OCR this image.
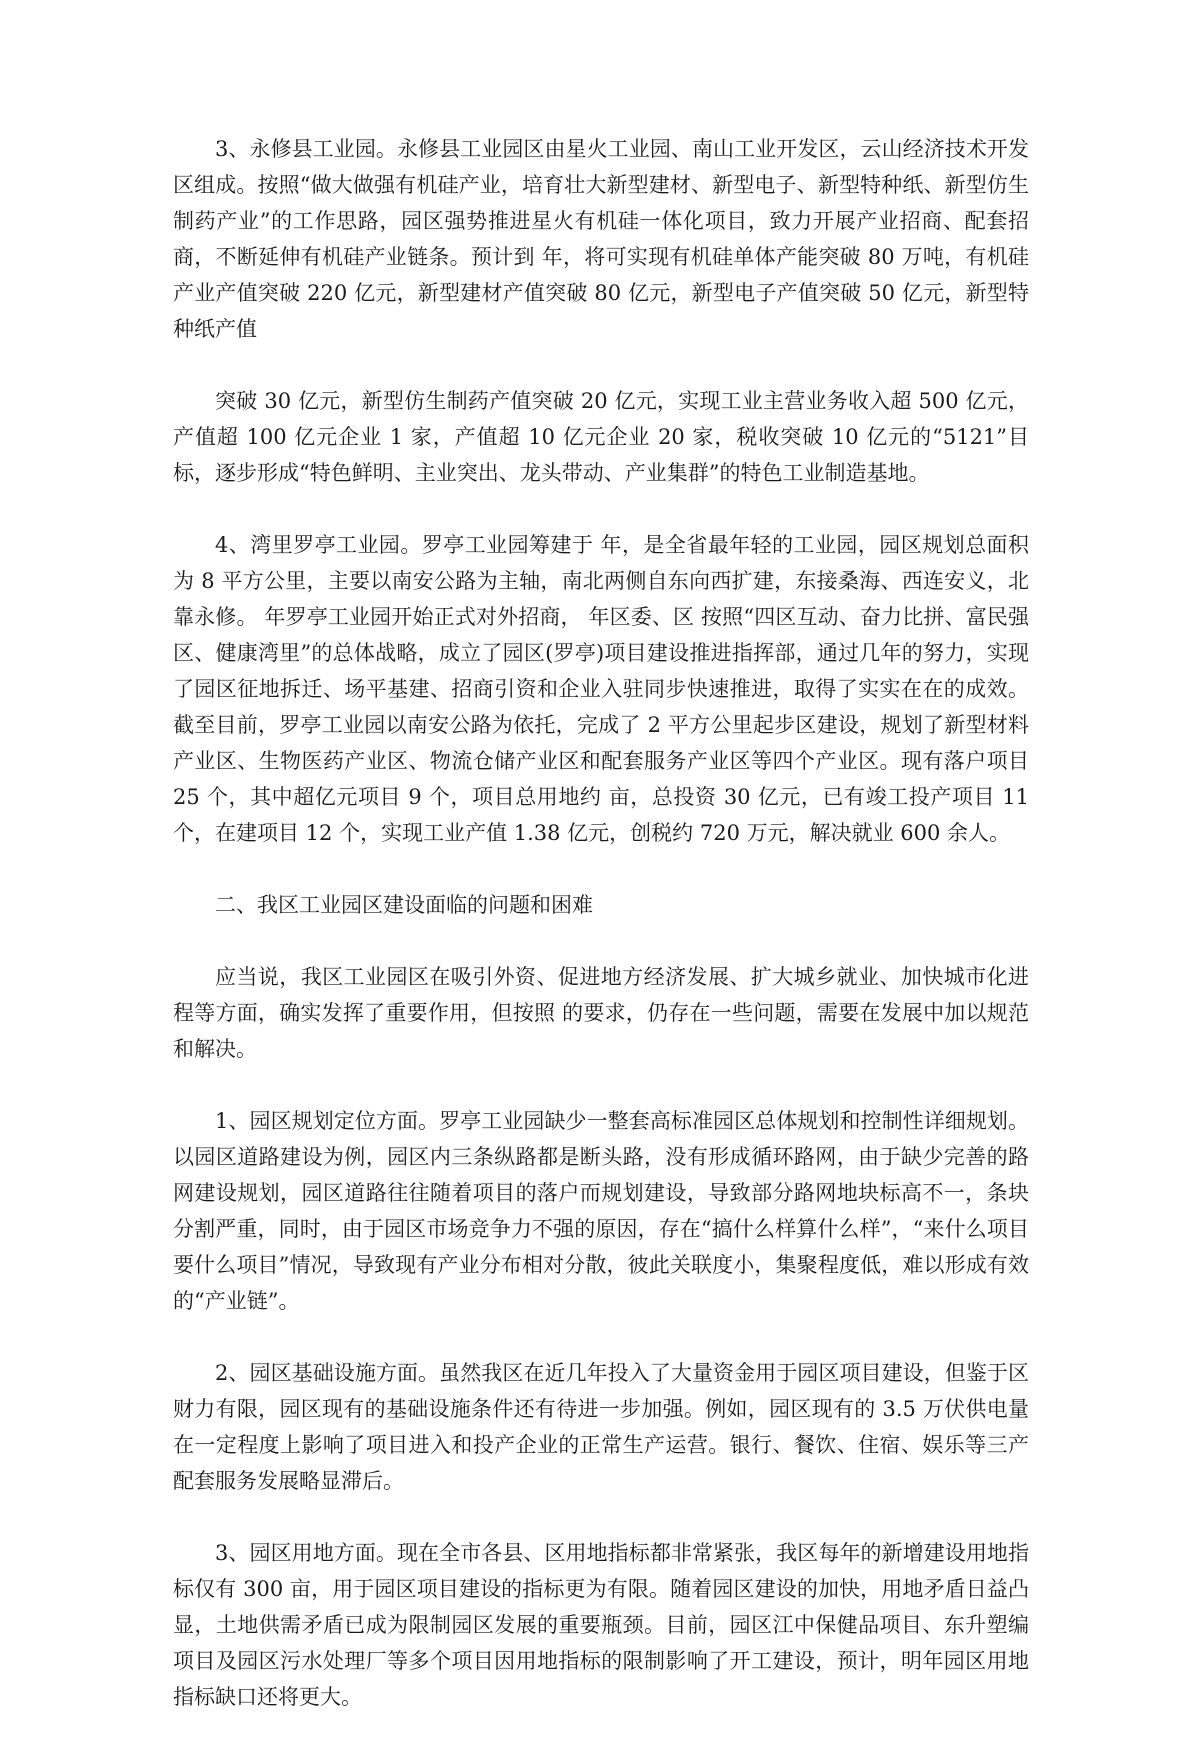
3、永修县工业园。永修县工业园区由星火工业园、南山工业开发区，云山经济技术开发区组成。按照“做大做强有机硅产业，培育壮大新型建材、新型电子、新型特种纸、新型仿生制药产业”的工作思路，园区强势推进星火有机硅一体化项目，致力开展产业招商、配套招商，不断延伸有机硅产业链条。预计到 年，将可实现有机硅单体产能突破 80 万吨，有机硅产业产值突破 220 亿元，新型建材产值突破 80 亿元，新型电子产值突破 50 亿元，新型特种纸产值

突破 30 亿元，新型仿生制药产值突破 20 亿元，实现工业主营业务收入超 500 亿元，产值超 100 亿元企业 1 家，产值超 10 亿元企业 20 家，税收突破 10 亿元的“5121”目标，逐步形成“特色鲜明、主业突出、龙头带动、产业集群”的特色工业制造基地。

4、湾里罗亭工业园。罗亭工业园筹建于 年，是全省最年轻的工业园，园区规划总面积为 8 平方公里，主要以南安公路为主轴，南北两侧自东向西扩建，东接桑海、西连安义，北靠永修。 年罗亭工业园开始正式对外招商， 年区委、区 按照“四区互动、奋力比拼、富民强区、健康湾里”的总体战略，成立了园区(罗亭)项目建设推进指挥部，通过几年的努力，实现了园区征地拆迁、场平基建、招商引资和企业入驻同步快速推进，取得了实实在在的成效。截至目前，罗亭工业园以南安公路为依托，完成了 2 平方公里起步区建设，规划了新型材料产业区、生物医药产业区、物流仓储产业区和配套服务产业区等四个产业区。现有落户项目 25 个，其中超亿元项目 9 个，项目总用地约 亩，总投资 30 亿元，已有竣工投产项目 11 个，在建项目 12 个，实现工业产值 1.38 亿元，创税约 720 万元，解决就业 600 余人。

二、我区工业园区建设面临的问题和困难

应当说，我区工业园区在吸引外资、促进地方经济发展、扩大城乡就业、加快城市化进程等方面，确实发挥了重要作用，但按照 的要求，仍存在一些问题，需要在发展中加以规范和解决。

1、园区规划定位方面。罗亭工业园缺少一整套高标准园区总体规划和控制性详细规划。以园区道路建设为例，园区内三条纵路都是断头路，没有形成循环路网，由于缺少完善的路网建设规划，园区道路往往随着项目的落户而规划建设，导致部分路网地块标高不一，条块分割严重，同时，由于园区市场竞争力不强的原因，存在“搞什么样算什么样”，“来什么项目要什么项目”情况，导致现有产业分布相对分散，彼此关联度小，集聚程度低，难以形成有效的“产业链”。

2、园区基础设施方面。虽然我区在近几年投入了大量资金用于园区项目建设，但鉴于区财力有限，园区现有的基础设施条件还有待进一步加强。例如，园区现有的 3.5 万伏供电量在一定程度上影响了项目进入和投产企业的正常生产运营。银行、餐饮、住宿、娱乐等三产配套服务发展略显滞后。

3、园区用地方面。现在全市各县、区用地指标都非常紧张，我区每年的新增建设用地指标仅有 300 亩，用于园区项目建设的指标更为有限。随着园区建设的加快，用地矛盾日益凸显，土地供需矛盾已成为限制园区发展的重要瓶颈。目前，园区江中保健品项目、东升塑编项目及园区污水处理厂等多个项目因用地指标的限制影响了开工建设，预计，明年园区用地指标缺口还将更大。
